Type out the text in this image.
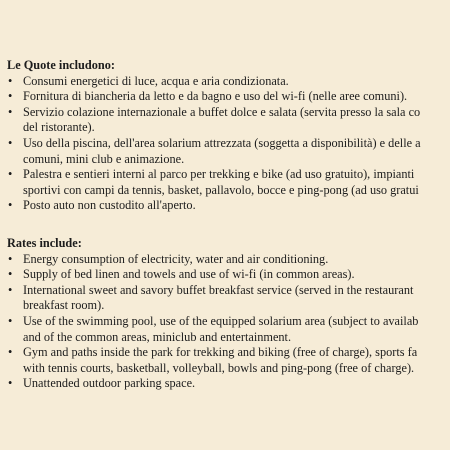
Le Quote includono:

• Consumi energetici di luce, acqua e aria condizionata.
• Fornitura di biancheria da letto e da bagno e uso del wi-fi (nelle aree comuni).
• Servizio colazione internazionale a buffet dolce e salata (servita presso la sala co
del ristorante).
• Uso della piscina, dell'area solarium attrezzata (soggetta a disponibilità) e delle a
comuni, mini club e animazione.
• Palestra e sentieri interni al parco per trekking e bike (ad uso gratuito), impianti
sportivi con campi da tennis, basket, pallavolo, bocce e ping-pong (ad uso gratui
• Posto auto non custodito all'aperto.

Rates include:

• Energy consumption of electricity, water and air conditioning.
• Supply of bed linen and towels and use of wi-fi (in common areas).
• International sweet and savory buffet breakfast service (served in the restaurant
breakfast room).
• Use of the swimming pool, use of the equipped solarium area (subject to availab
and of the common areas, miniclub and entertainment.
• Gym and paths inside the park for trekking and biking (free of charge), sports fa
with tennis courts, basketball, volleyball, bowls and ping-pong (free of charge).
• Unattended outdoor parking space.
